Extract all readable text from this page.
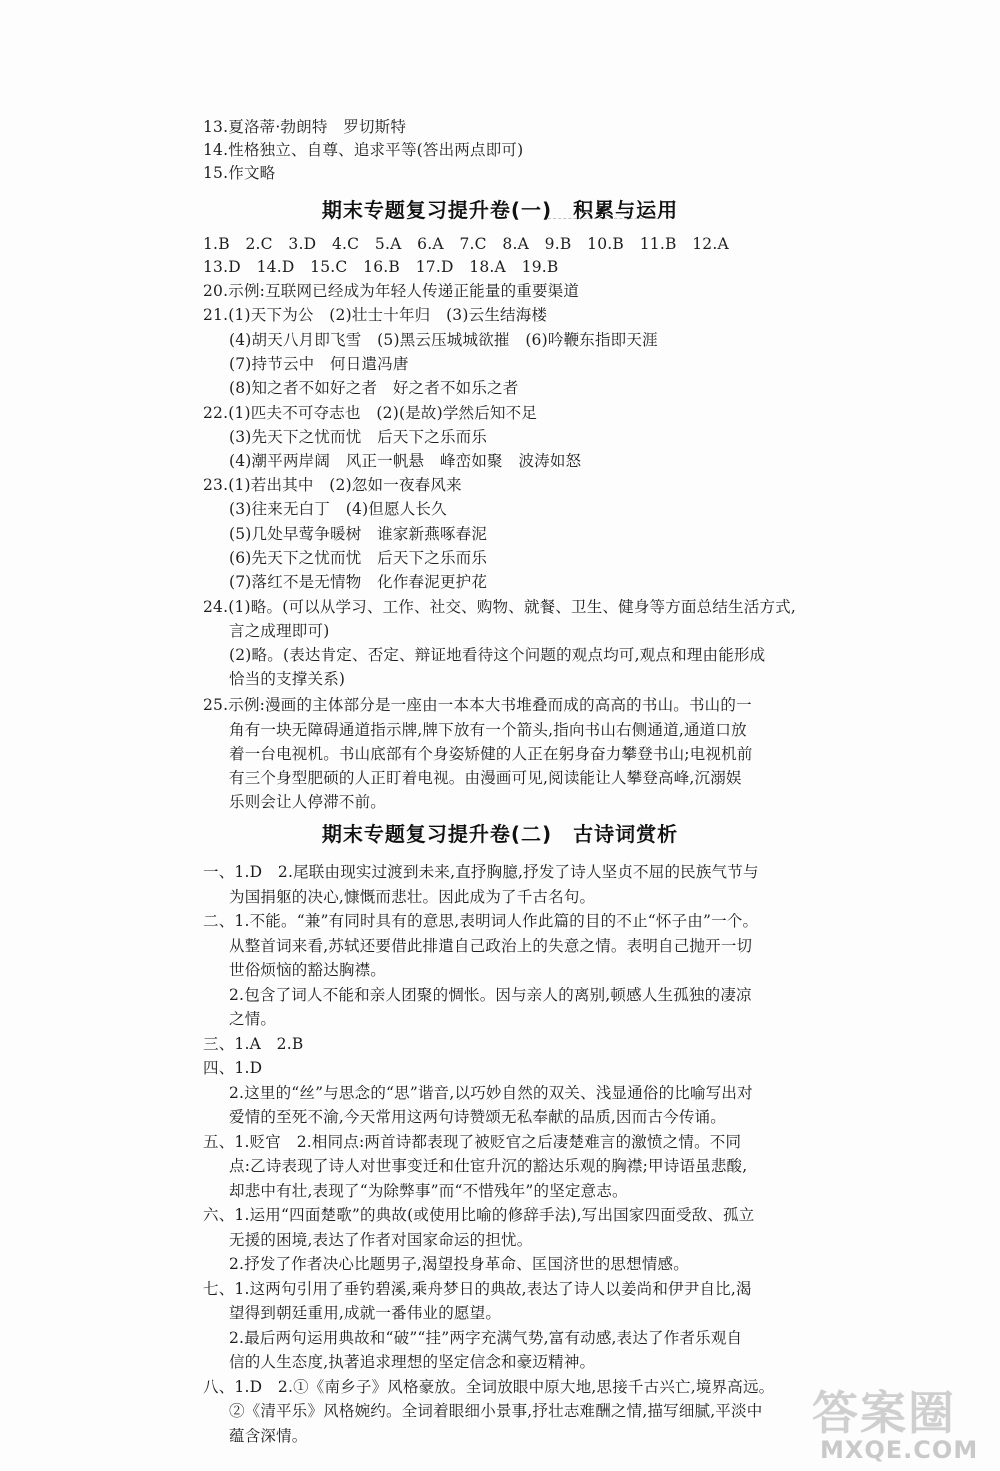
13.夏洛蒂·勃朗特　罗切斯特
14.性格独立、自尊、追求平等(答出两点即可)
15.作文略
期末专题复习提升卷(一)　积累与运用
1.B　2.C　3.D　4.C　5.A　6.A　7.C　8.A　9.B　10.B　11.B　12.A
13.D　14.D　15.C　16.B　17.D　18.A　19.B
20.示例:互联网已经成为年轻人传递正能量的重要渠道
21.(1)天下为公　(2)壮士十年归　(3)云生结海楼
(4)胡天八月即飞雪　(5)黑云压城城欲摧　(6)吟鞭东指即天涯
(7)持节云中　何日遣冯唐
(8)知之者不如好之者　好之者不如乐之者
22.(1)匹夫不可夺志也　(2)(是故)学然后知不足
(3)先天下之忧而忧　后天下之乐而乐
(4)潮平两岸阔　风正一帆悬　峰峦如聚　波涛如怒
23.(1)若出其中　(2)忽如一夜春风来
(3)往来无白丁　(4)但愿人长久
(5)几处早莺争暖树　谁家新燕啄春泥
(6)先天下之忧而忧　后天下之乐而乐
(7)落红不是无情物　化作春泥更护花
24.(1)略。(可以从学习、工作、社交、购物、就餐、卫生、健身等方面总结生活方式,
言之成理即可)
(2)略。(表达肯定、否定、辩证地看待这个问题的观点均可,观点和理由能形成
恰当的支撑关系)
25.示例:漫画的主体部分是一座由一本本大书堆叠而成的高高的书山。书山的一
角有一块无障碍通道指示牌,牌下放有一个箭头,指向书山右侧通道,通道口放
着一台电视机。书山底部有个身姿矫健的人正在躬身奋力攀登书山;电视机前
有三个身型肥硕的人正盯着电视。由漫画可见,阅读能让人攀登高峰,沉溺娱
乐则会让人停滞不前。
期末专题复习提升卷(二)　古诗词赏析
一、1.D　2.尾联由现实过渡到未来,直抒胸臆,抒发了诗人坚贞不屈的民族气节与
为国捐躯的决心,慷慨而悲壮。因此成为了千古名句。
二、1.不能。“兼”有同时具有的意思,表明词人作此篇的目的不止“怀子由”一个。
从整首词来看,苏轼还要借此排遣自己政治上的失意之情。表明自己抛开一切
世俗烦恼的豁达胸襟。
2.包含了词人不能和亲人团聚的惆怅。因与亲人的离别,顿感人生孤独的凄凉
之情。
三、1.A　2.B
四、1.D
2.这里的“丝”与思念的“思”谐音,以巧妙自然的双关、浅显通俗的比喻写出对
爱情的至死不渝,今天常用这两句诗赞颂无私奉献的品质,因而古今传诵。
五、1.贬官　2.相同点:两首诗都表现了被贬官之后凄楚难言的激愤之情。不同
点:乙诗表现了诗人对世事变迁和仕宦升沉的豁达乐观的胸襟;甲诗语虽悲酸,
却悲中有壮,表现了“为除弊事”而“不惜残年”的坚定意志。
六、1.运用“四面楚歌”的典故(或使用比喻的修辞手法),写出国家四面受敌、孤立
无援的困境,表达了作者对国家命运的担忧。
2.抒发了作者决心比题男子,渴望投身革命、匡国济世的思想情感。
七、1.这两句引用了垂钓碧溪,乘舟梦日的典故,表达了诗人以姜尚和伊尹自比,渴
望得到朝廷重用,成就一番伟业的愿望。
2.最后两句运用典故和“破”“挂”两字充满气势,富有动感,表达了作者乐观自
信的人生态度,执著追求理想的坚定信念和豪迈精神。
八、1.D　2.①《南乡子》风格豪放。全词放眼中原大地,思接千古兴亡,境界高远。
②《清平乐》风格婉约。全词着眼细小景事,抒壮志难酬之情,描写细腻,平淡中
蕴含深情。	答案圈
MXQE.COM
